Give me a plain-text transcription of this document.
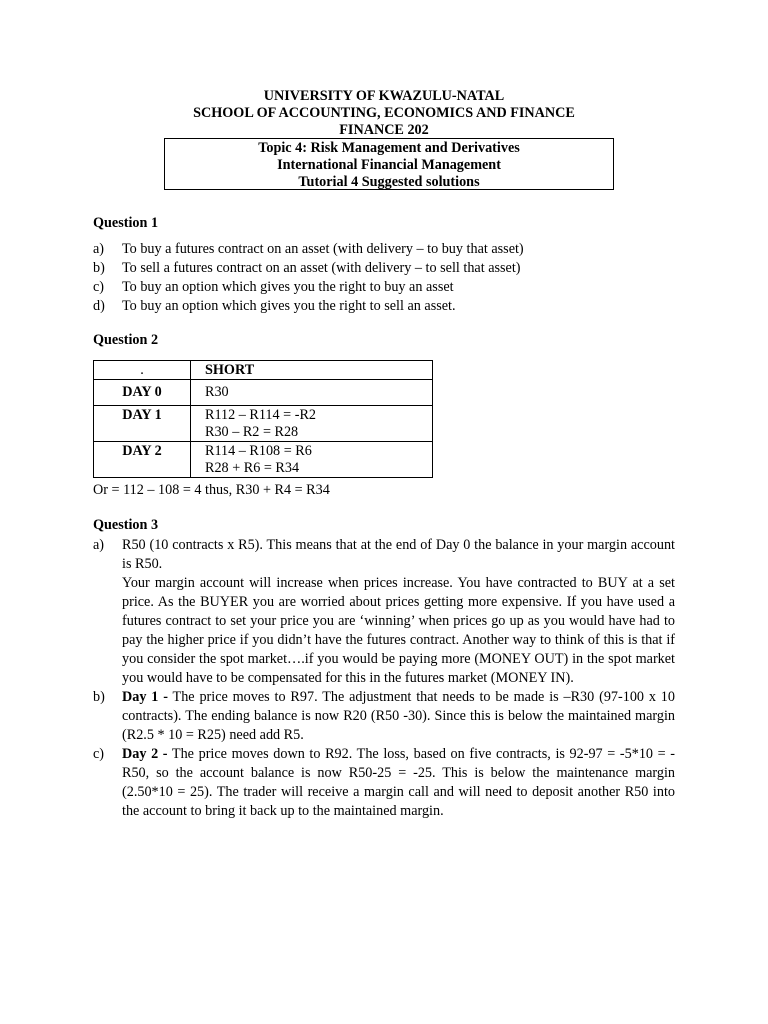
UNIVERSITY OF KWAZULU-NATAL
SCHOOL OF ACCOUNTING, ECONOMICS AND FINANCE
FINANCE 202
Topic 4: Risk Management and Derivatives
International Financial Management
Tutorial 4 Suggested solutions
Question 1
a) To buy a futures contract on an asset (with delivery – to buy that asset)
b) To sell a futures contract on an asset (with delivery – to sell that asset)
c) To buy an option which gives you the right to buy an asset
d) To buy an option which gives you the right to sell an asset.
Question 2
.	SHORT
DAY 0	R30

DAY 1	R112 – R114 = -R2
R30 – R2 = R28

DAY 2	R114 – R108 = R6
R28 + R6 = R34
Or = 112 – 108 = 4 thus, R30 + R4 = R34
Question 3
a) R50 (10 contracts x R5). This means that at the end of Day 0 the balance in your margin account is R50.
Your margin account will increase when prices increase. You have contracted to BUY at a set price. As the BUYER you are worried about prices getting more expensive. If you have used a futures contract to set your price you are ‘winning’ when prices go up as you would have had to pay the higher price if you didn’t have the futures contract. Another way to think of this is that if you consider the spot market….if you would be paying more (MONEY OUT) in the spot market you would have to be compensated for this in the futures market (MONEY IN).
b) Day 1 - The price moves to R97. The adjustment that needs to be made is –R30 (97-100 x 10 contracts). The ending balance is now R20 (R50 -30). Since this is below the maintained margin (R2.5 * 10 = R25) need add R5.
c) Day 2 - The price moves down to R92. The loss, based on five contracts, is 92-97 = -5*10 = - R50, so the account balance is now R50-25 = -25. This is below the maintenance margin (2.50*10 = 25). The trader will receive a margin call and will need to deposit another R50 into the account to bring it back up to the maintained margin.
